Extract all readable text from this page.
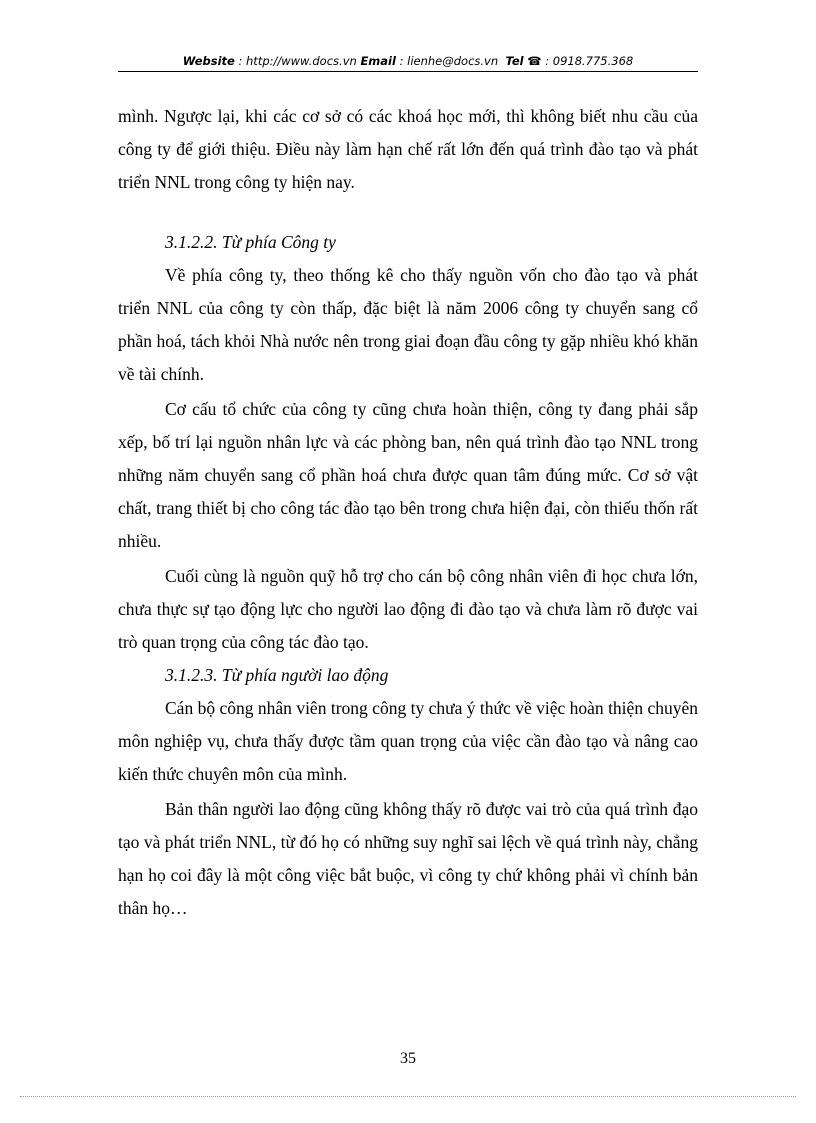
Website : http://www.docs.vn Email : lienhe@docs.vn Tel ☎ : 0918.775.368

mình. Ngược lại, khi các cơ sở có các khoá học mới, thì không biết nhu cầu của công ty để giới thiệu. Điều này làm hạn chế rất lớn đến quá trình đào tạo và phát triển NNL trong công ty hiện nay.

3.1.2.2. Từ phía Công ty

Về phía công ty, theo thống kê cho thấy nguồn vốn cho đào tạo và phát triển NNL của công ty còn thấp, đặc biệt là năm 2006 công ty chuyển sang cổ phần hoá, tách khỏi Nhà nước nên trong giai đoạn đầu công ty gặp nhiều khó khăn về tài chính.

Cơ cấu tổ chức của công ty cũng chưa hoàn thiện, công ty đang phải sắp xếp, bố trí lại nguồn nhân lực và các phòng ban, nên quá trình đào tạo NNL trong những năm chuyển sang cổ phần hoá chưa được quan tâm đúng mức. Cơ sở vật chất, trang thiết bị cho công tác đào tạo bên trong chưa hiện đại, còn thiếu thốn rất nhiều.

Cuối cùng là nguồn quỹ hỗ trợ cho cán bộ công nhân viên đi học chưa lớn, chưa thực sự tạo động lực cho người lao động đi đào tạo và chưa làm rõ được vai trò quan trọng của công tác đào tạo.

3.1.2.3. Từ phía người lao động

Cán bộ công nhân viên trong công ty chưa ý thức về việc hoàn thiện chuyên môn nghiệp vụ, chưa thấy được tầm quan trọng của việc cần đào tạo và nâng cao kiến thức chuyên môn của mình.

Bản thân người lao động cũng không thấy rõ được vai trò của quá trình đạo tạo và phát triển NNL, từ đó họ có những suy nghĩ sai lệch về quá trình này, chẳng hạn họ coi đây là một công việc bắt buộc, vì công ty chứ không phải vì chính bản thân họ…

35
